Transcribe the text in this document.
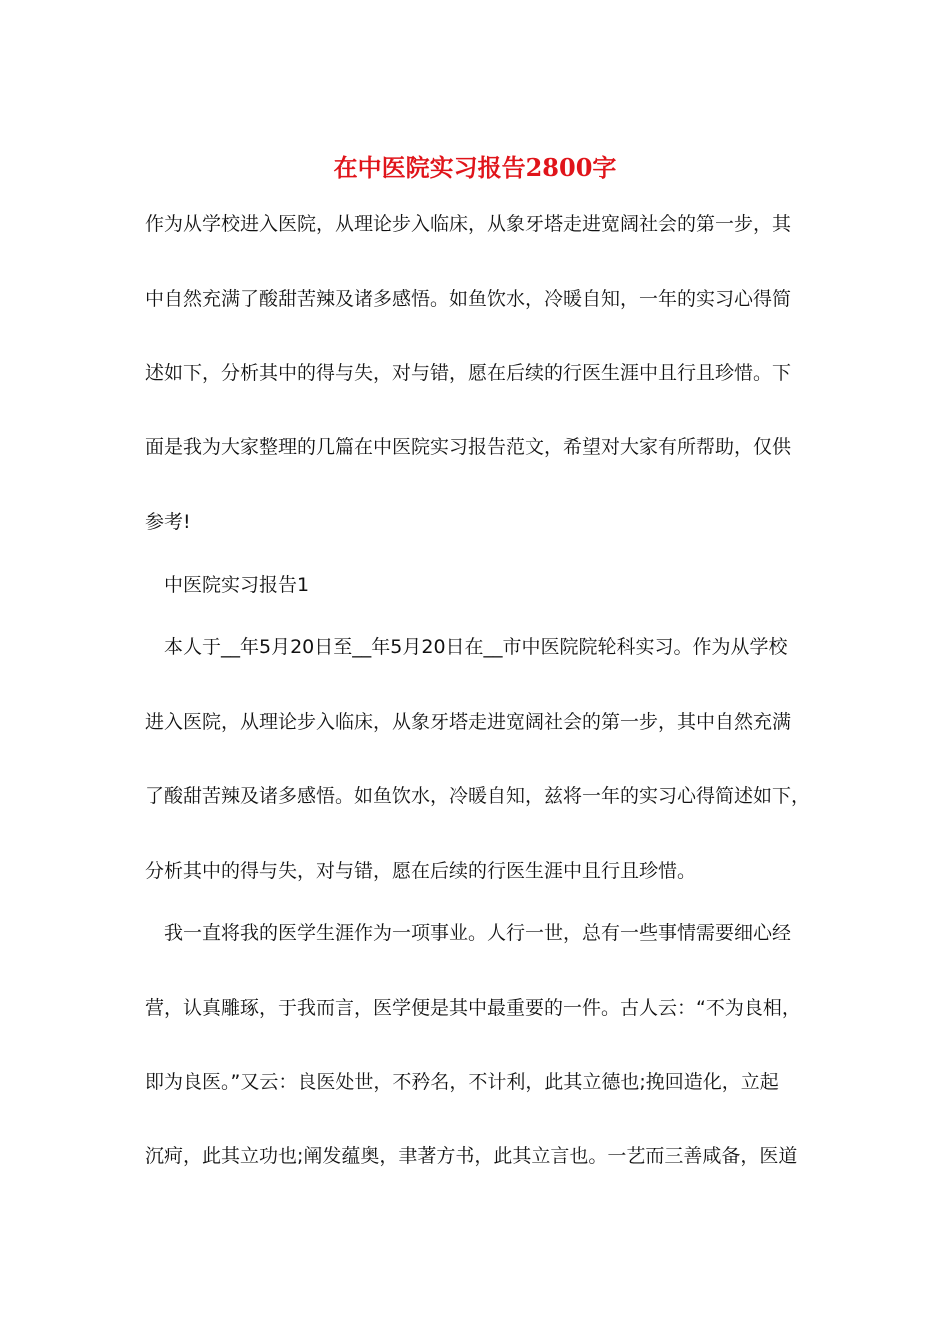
在中医院实习报告2800字

作为从学校进入医院，从理论步入临床，从象牙塔走进宽阔社会的第一步，其

中自然充满了酸甜苦辣及诸多感悟。如鱼饮水，冷暖自知，一年的实习心得简

述如下，分析其中的得与失，对与错，愿在后续的行医生涯中且行且珍惜。下

面是我为大家整理的几篇在中医院实习报告范文，希望对大家有所帮助，仅供

参考!

中医院实习报告1

本人于__年5月20日至__年5月20日在__市中医院院轮科实习。作为从学校

进入医院，从理论步入临床，从象牙塔走进宽阔社会的第一步，其中自然充满

了酸甜苦辣及诸多感悟。如鱼饮水，冷暖自知，兹将一年的实习心得简述如下，

分析其中的得与失，对与错，愿在后续的行医生涯中且行且珍惜。

我一直将我的医学生涯作为一项事业。人行一世，总有一些事情需要细心经

营，认真雕琢，于我而言，医学便是其中最重要的一件。古人云：“不为良相，

即为良医。”又云：良医处世，不矜名，不计利，此其立德也;挽回造化，立起

沉疴，此其立功也;阐发蕴奥，聿著方书，此其立言也。一艺而三善咸备，医道
